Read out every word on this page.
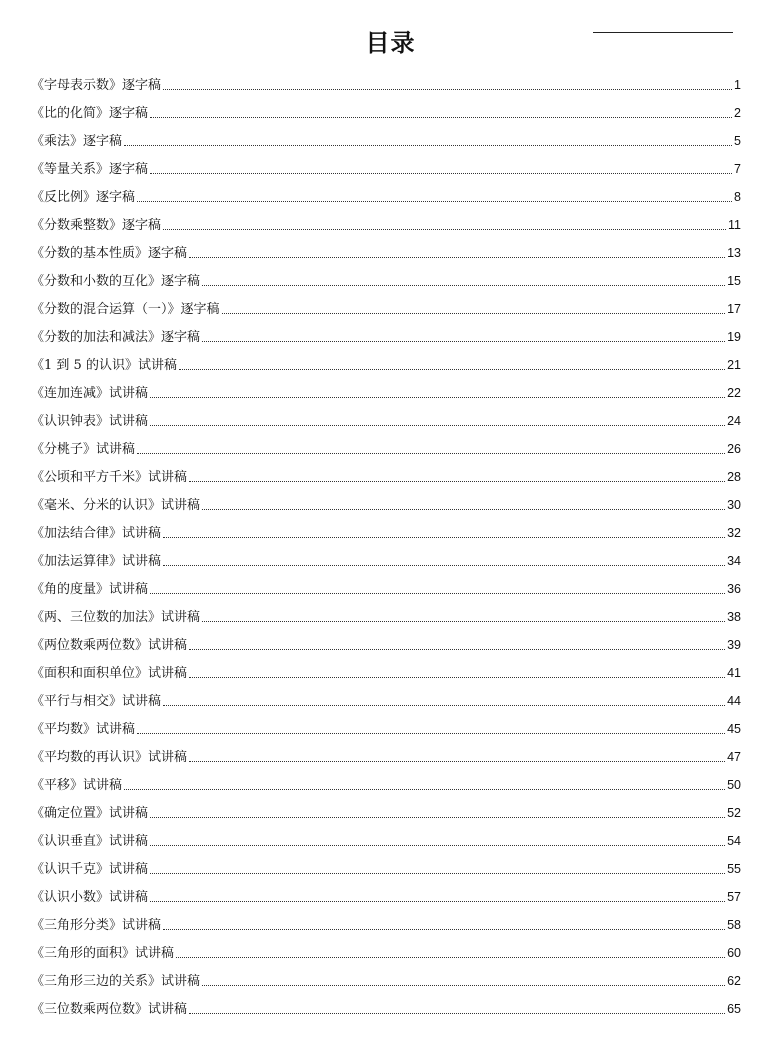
目录
《字母表示数》逐字稿	1
《比的化简》逐字稿	2
《乘法》逐字稿	5
《等量关系》逐字稿	7
《反比例》逐字稿	8
《分数乘整数》逐字稿	11
《分数的基本性质》逐字稿	13
《分数和小数的互化》逐字稿	15
《分数的混合运算（一）》逐字稿	17
《分数的加法和减法》逐字稿	19
《1 到 5 的认识》试讲稿	21
《连加连减》试讲稿	22
《认识钟表》试讲稿	24
《分桃子》试讲稿	26
《公顷和平方千米》试讲稿	28
《毫米、分米的认识》试讲稿	30
《加法结合律》试讲稿	32
《加法运算律》试讲稿	34
《角的度量》试讲稿	36
《两、三位数的加法》试讲稿	38
《两位数乘两位数》试讲稿	39
《面积和面积单位》试讲稿	41
《平行与相交》试讲稿	44
《平均数》试讲稿	45
《平均数的再认识》试讲稿	47
《平移》试讲稿	50
《确定位置》试讲稿	52
《认识垂直》试讲稿	54
《认识千克》试讲稿	55
《认识小数》试讲稿	57
《三角形分类》试讲稿	58
《三角形的面积》试讲稿	60
《三角形三边的关系》试讲稿	62
《三位数乘两位数》试讲稿	65
